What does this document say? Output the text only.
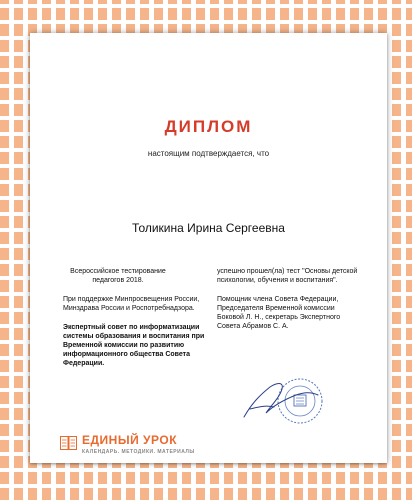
ДИПЛОМ
настоящим подтверждается, что
Толикина Ирина Сергеевна

Всероссийское тестирование педагогов 2018.

При поддержке Минпросвещения России, Минздрава России и Роспотребнадзора.

Экспертный совет по информатизации системы образования и воспитания при Временной комиссии по развитию информационного общества Совета Федерации.

успешно прошел(ла) тест "Основы детской психологии, обучения и воспитания".

Помощник члена Совета Федерации, Председателя Временной комиссии Боковой Л. Н., секретарь Экспертного Совета Абрамов С. А.

ЕДИНЫЙ УРОК
КАЛЕНДАРЬ. МЕТОДИКИ. МАТЕРИАЛЫ
